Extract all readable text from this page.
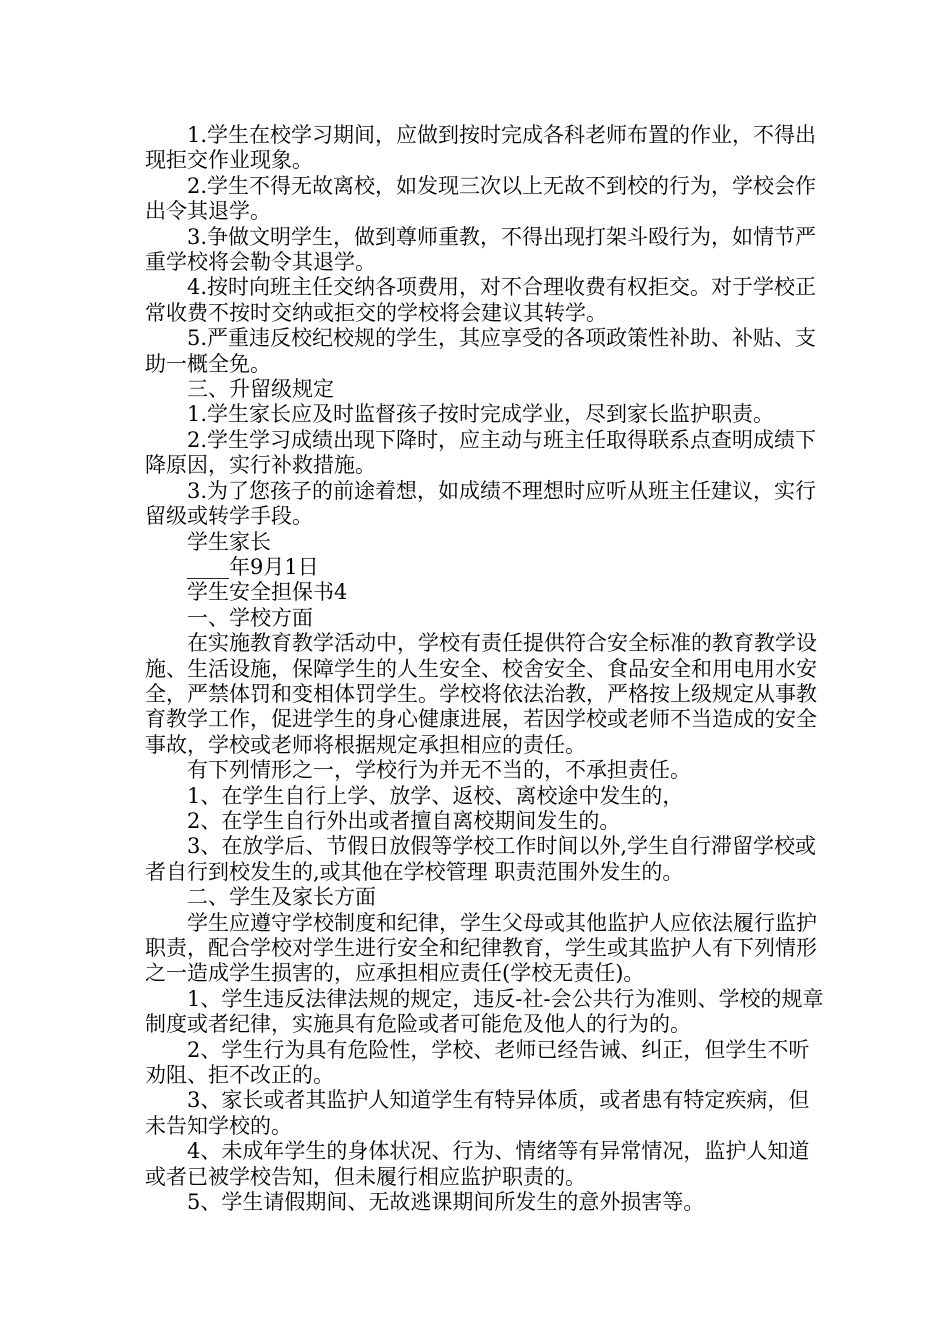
1.学生在校学习期间，应做到按时完成各科老师布置的作业，不得出现拒交作业现象。

2.学生不得无故离校，如发现三次以上无故不到校的行为，学校会作出令其退学。

3.争做文明学生，做到尊师重教，不得出现打架斗殴行为，如情节严重学校将会勒令其退学。

4.按时向班主任交纳各项费用，对不合理收费有权拒交。对于学校正常收费不按时交纳或拒交的学校将会建议其转学。

5.严重违反校纪校规的学生，其应享受的各项政策性补助、补贴、支助一概全免。

三、升留级规定

1.学生家长应及时监督孩子按时完成学业，尽到家长监护职责。

2.学生学习成绩出现下降时，应主动与班主任取得联系点查明成绩下降原因，实行补救措施。

3.为了您孩子的前途着想，如成绩不理想时应听从班主任建议，实行留级或转学手段。

学生家长

____年9月1日

学生安全担保书4

一、学校方面

在实施教育教学活动中，学校有责任提供符合安全标准的教育教学设施、生活设施，保障学生的人生安全、校舍安全、食品安全和用电用水安全，严禁体罚和变相体罚学生。学校将依法治教，严格按上级规定从事教育教学工作，促进学生的身心健康进展，若因学校或老师不当造成的安全事故，学校或老师将根据规定承担相应的责任。

有下列情形之一，学校行为并无不当的，不承担责任。

1、在学生自行上学、放学、返校、离校途中发生的，

2、在学生自行外出或者擅自离校期间发生的。

3、在放学后、节假日放假等学校工作时间以外,学生自行滞留学校或者自行到校发生的,或其他在学校管理 职责范围外发生的。

二、学生及家长方面

学生应遵守学校制度和纪律，学生父母或其他监护人应依法履行监护职责，配合学校对学生进行安全和纪律教育，学生或其监护人有下列情形之一造成学生损害的，应承担相应责任(学校无责任)。

1、学生违反法律法规的规定，违反-社-会公共行为准则、学校的规章制度或者纪律，实施具有危险或者可能危及他人的行为的。

2、学生行为具有危险性，学校、老师已经告诫、纠正，但学生不听劝阻、拒不改正的。

3、家长或者其监护人知道学生有特异体质，或者患有特定疾病，但未告知学校的。

4、未成年学生的身体状况、行为、情绪等有异常情况，监护人知道或者已被学校告知，但未履行相应监护职责的。

5、学生请假期间、无故逃课期间所发生的意外损害等。
